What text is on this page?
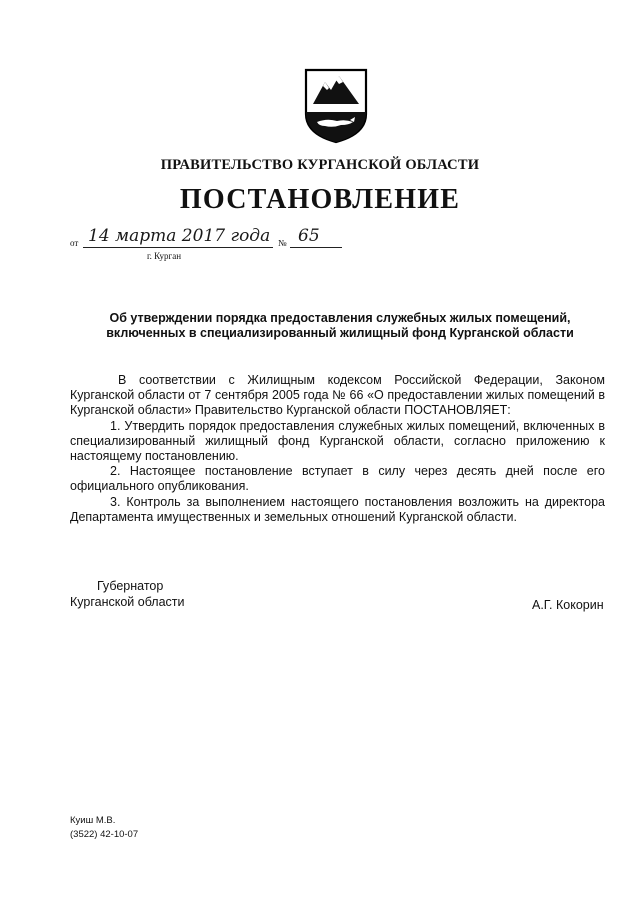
ПРАВИТЕЛЬСТВО КУРГАНСКОЙ ОБЛАСТИ
ПОСТАНОВЛЕНИЕ
от 14 марта 2017 года № 65
г. Курган
Об утверждении порядка предоставления служебных жилых помещений,
включенных в специализированный жилищный фонд Курганской области

В соответствии с Жилищным кодексом Российской Федерации, Законом Курганской области от 7 сентября 2005 года № 66 «О предоставлении жилых помещений в Курганской области» Правительство Курганской области ПОСТАНОВЛЯЕТ:

1. Утвердить порядок предоставления служебных жилых помещений, включенных в специализированный жилищный фонд Курганской области, согласно приложению к настоящему постановлению.

2. Настоящее постановление вступает в силу через десять дней после его официального опубликования.

3. Контроль за выполнением настоящего постановления возложить на директора Департамента имущественных и земельных отношений Курганской области.

Губернатор
Курганской области	А.Г. Кокорин
Куиш М.В.
(3522) 42-10-07
